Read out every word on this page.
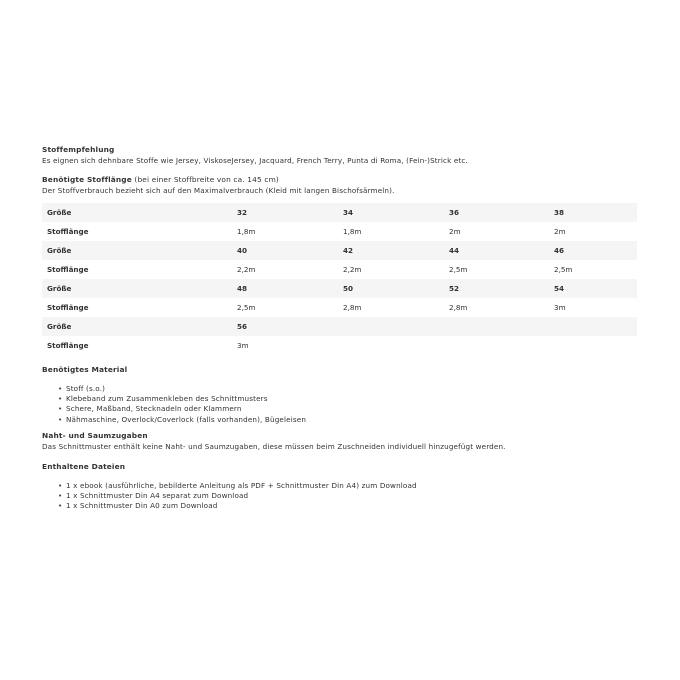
Stoffempfehlung

Es eignen sich dehnbare Stoffe wie Jersey, ViskoseJersey, Jacquard, French Terry, Punta di Roma, (Fein-)Strick etc.

Benötigte Stofflänge (bei einer Stoffbreite von ca. 145 cm)

Der Stoffverbrauch bezieht sich auf den Maximalverbrauch (Kleid mit langen Bischofsärmeln).

Größe	32	34	36	38
Stofflänge	1,8m	1,8m	2m	2m
Größe	40	42	44	46
Stofflänge	2,2m	2,2m	2,5m	2,5m
Größe	48	50	52	54
Stofflänge	2,5m	2,8m	2,8m	3m
Größe	56			
Stofflänge	3m			

Benötigtes Material

• Stoff (s.o.)
• Klebeband zum Zusammenkleben des Schnittmusters
• Schere, Maßband, Stecknadeln oder Klammern
• Nähmaschine, Overlock/Coverlock (falls vorhanden), Bügeleisen

Naht- und Saumzugaben

Das Schnittmuster enthält keine Naht- und Saumzugaben, diese müssen beim Zuschneiden individuell hinzugefügt werden.

Enthaltene Dateien

• 1 x ebook (ausführliche, bebilderte Anleitung als PDF + Schnittmuster Din A4) zum Download
• 1 x Schnittmuster Din A4 separat zum Download
• 1 x Schnittmuster Din A0 zum Download
